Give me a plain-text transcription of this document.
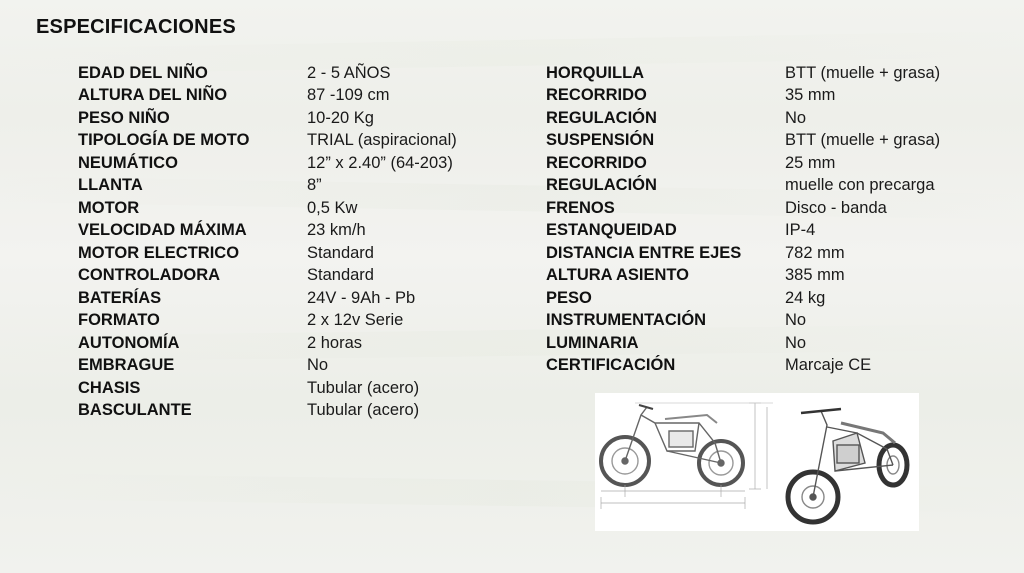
ESPECIFICACIONES
EDAD DEL NIÑO	2 - 5 AÑOS
ALTURA DEL NIÑO	87 -109 cm
PESO NIÑO	10-20 Kg
TIPOLOGÍA DE MOTO	TRIAL (aspiracional)
NEUMÁTICO	12” x 2.40” (64-203)
LLANTA	8”
MOTOR	0,5 Kw
VELOCIDAD MÁXIMA	23 km/h
MOTOR ELECTRICO	Standard
CONTROLADORA	Standard
BATERÍAS	24V - 9Ah - Pb
FORMATO	2 x 12v Serie
AUTONOMÍA	2 horas
EMBRAGUE	No
CHASIS	Tubular (acero)
BASCULANTE	Tubular (acero)
HORQUILLA	BTT (muelle + grasa)
RECORRIDO	35 mm
REGULACIÓN	No
SUSPENSIÓN	BTT (muelle + grasa)
RECORRIDO	25 mm
REGULACIÓN	muelle con precarga
FRENOS	Disco - banda
ESTANQUEIDAD	IP-4
DISTANCIA ENTRE EJES	782 mm
ALTURA ASIENTO	385 mm
PESO	24 kg
INSTRUMENTACIÓN	No
LUMINARIA	No
CERTIFICACIÓN	Marcaje CE
